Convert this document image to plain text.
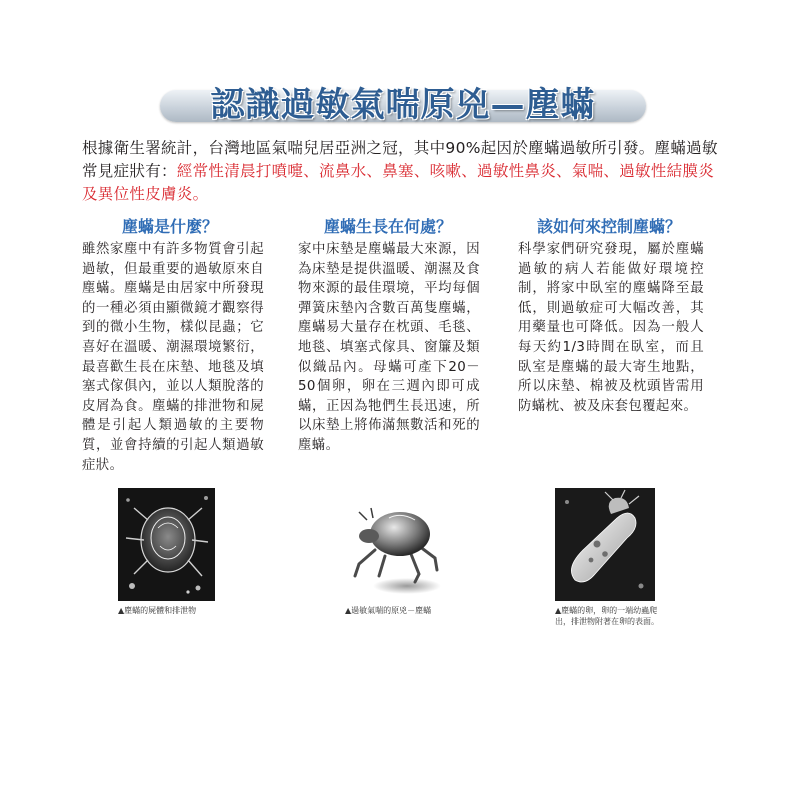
認識過敏氣喘原兇—塵蟎
根據衛生署統計，台灣地區氣喘兒居亞洲之冠，其中90%起因於塵蟎過敏所引發。塵蟎過敏常見症狀有：經常性清晨打噴嚏、流鼻水、鼻塞、咳嗽、過敏性鼻炎、氣喘、過敏性結膜炎及異位性皮膚炎。
塵蟎是什麼？
雖然家塵中有許多物質會引起過敏，但最重要的過敏原來自塵蟎。塵蟎是由居家中所發現的一種必須由顯微鏡才觀察得到的微小生物，樣似昆蟲；它喜好在溫暖、潮濕環境繁衍，最喜歡生長在床墊、地毯及填塞式傢俱內，並以人類脫落的皮屑為食。塵蟎的排泄物和屍體是引起人類過敏的主要物質，並會持續的引起人類過敏症狀。
塵蟎生長在何處？
家中床墊是塵蟎最大來源，因為床墊是提供溫暖、潮濕及食物來源的最佳環境，平均每個彈簧床墊內含數百萬隻塵蟎，塵蟎易大量存在枕頭、毛毯、地毯、填塞式傢具、窗簾及類似織品內。母蟎可產下20－50個卵，卵在三週內即可成蟎，正因為牠們生長迅速，所以床墊上將佈滿無數活和死的塵蟎。
該如何來控制塵蟎？
科學家們研究發現，屬於塵蟎過敏的病人若能做好環境控制，將家中臥室的塵蟎降至最低，則過敏症可大幅改善，其用藥量也可降低。因為一般人每天約1/3時間在臥室，而且臥室是塵蟎的最大寄生地點，所以床墊、棉被及枕頭皆需用防蟎枕、被及床套包覆起來。
▲塵蟎的屍體和排泄物	▲過敏氣喘的原兇－塵蟎	▲塵蟎的卵，卵的一端幼蟲爬出，排泄物附著在卵的表面。
